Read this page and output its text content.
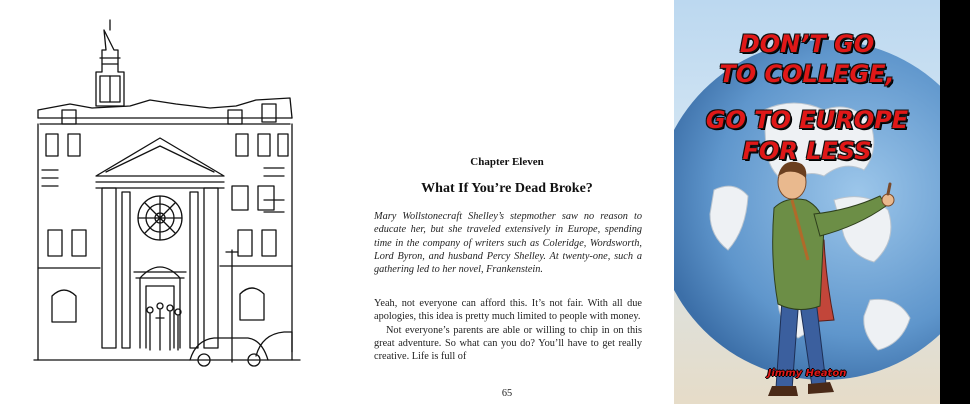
Chapter Eleven
What If You’re Dead Broke?

Mary Wollstonecraft Shelley’s stepmother saw no reason to educate her, but she traveled extensively in Europe, spending time in the company of writers such as Coleridge, Wordsworth, Lord Byron, and husband Percy Shelley. At twenty-one, such a gathering led to her novel, Frankenstein.

Yeah, not everyone can afford this. It’s not fair. With all due apologies, this idea is pretty much limited to people with money.

Not everyone’s parents are able or willing to chip in on this great adventure. So what can you do? You’ll have to get really creative. Life is full of

65
DON’T GO
TO COLLEGE,
GO TO EUROPE
FOR LESS
Jimmy Heaton
